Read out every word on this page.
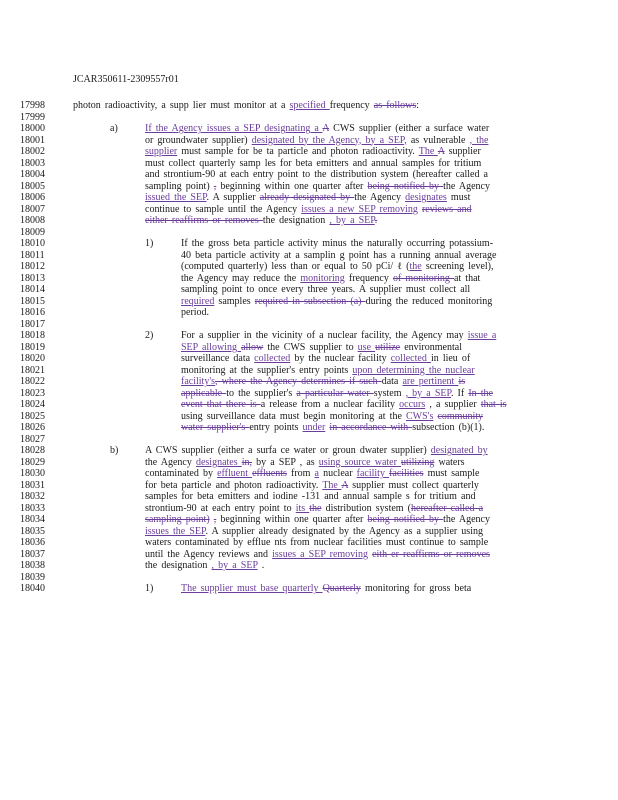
JCAR350611-2309557r01
17998	photon radioactivity, a supp lier must monitor at a specified frequency as follows:
17999
18000	a)	If the Agency issues a SEP designating a A CWS supplier (either a surface water
18001	or groundwater supplier) designated by the Agency, by a SEP, as vulnerable , the
18002	supplier must sample for be ta particle and photon radioactivity. The A supplier
18003	must collect quarterly samp les for beta emitters and annual samples for tritium
18004	and strontium-90 at each entry point to the distribution system (hereafter called a
18005	sampling point) , beginning within one quarter after being notified by the Agency
18006	issued the SEP. A supplier already designated by the Agency designates must
18007	continue to sample until the Agency issues a new SEP removing reviews and
18008	either reaffirms or removes the designation , by a SEP.
18009
18010	1)	If the gross beta particle activity minus the naturally occurring potassium-
18011	40 beta particle activity at a samplin g point has a running annual average
18012	(computed quarterly) less than or equal to 50 pCi/ ℓ (the screening level),
18013	the Agency may reduce the monitoring frequency of monitoring at that
18014	sampling point to once every three years. A supplier must collect all
18015	required samples required in subsection (a) during the reduced monitoring
18016	period.
18017
18018	2)	For a supplier in the vicinity of a nuclear facility, the Agency may issue a
18019	SEP allowing allow the CWS supplier to use utilize environmental
18020	surveillance data collected by the nuclear facility collected in lieu of
18021	monitoring at the supplier's entry points upon determining the nuclear
18022	facility's, where the Agency determines if such data are pertinent is
18023	applicable to the supplier's a particular water system , by a SEP. If In the
18024	event that there is a release from a nuclear facility occurs , a supplier that is
18025	using surveillance data must begin monitoring at the CWS's community
18026	water supplier's entry points under in accordance with subsection (b)(1).
18027
18028	b)	A CWS supplier (either a surfa ce water or groun dwater supplier) designated by
18029	the Agency designates in, by a SEP , as using source water utilizing waters
18030	contaminated by effluent effluents from a nuclear facility facilities must sample
18031	for beta particle and photon radioactivity. The A supplier must collect quarterly
18032	samples for beta emitters and iodine -131 and annual sample s for tritium and
18033	strontium-90 at each entry point to its the distribution system (hereafter called a
18034	sampling point) , beginning within one quarter after being notified by the Agency
18035	issues the SEP. A supplier already designated by the Agency as a supplier using
18036	waters contaminated by efflue nts from nuclear facilities must continue to sample
18037	until the Agency reviews and issues a SEP removing eith er reaffirms or removes
18038	the designation , by a SEP .
18039
18040	1)	The supplier must base quarterly Quarterly monitoring for gross beta
